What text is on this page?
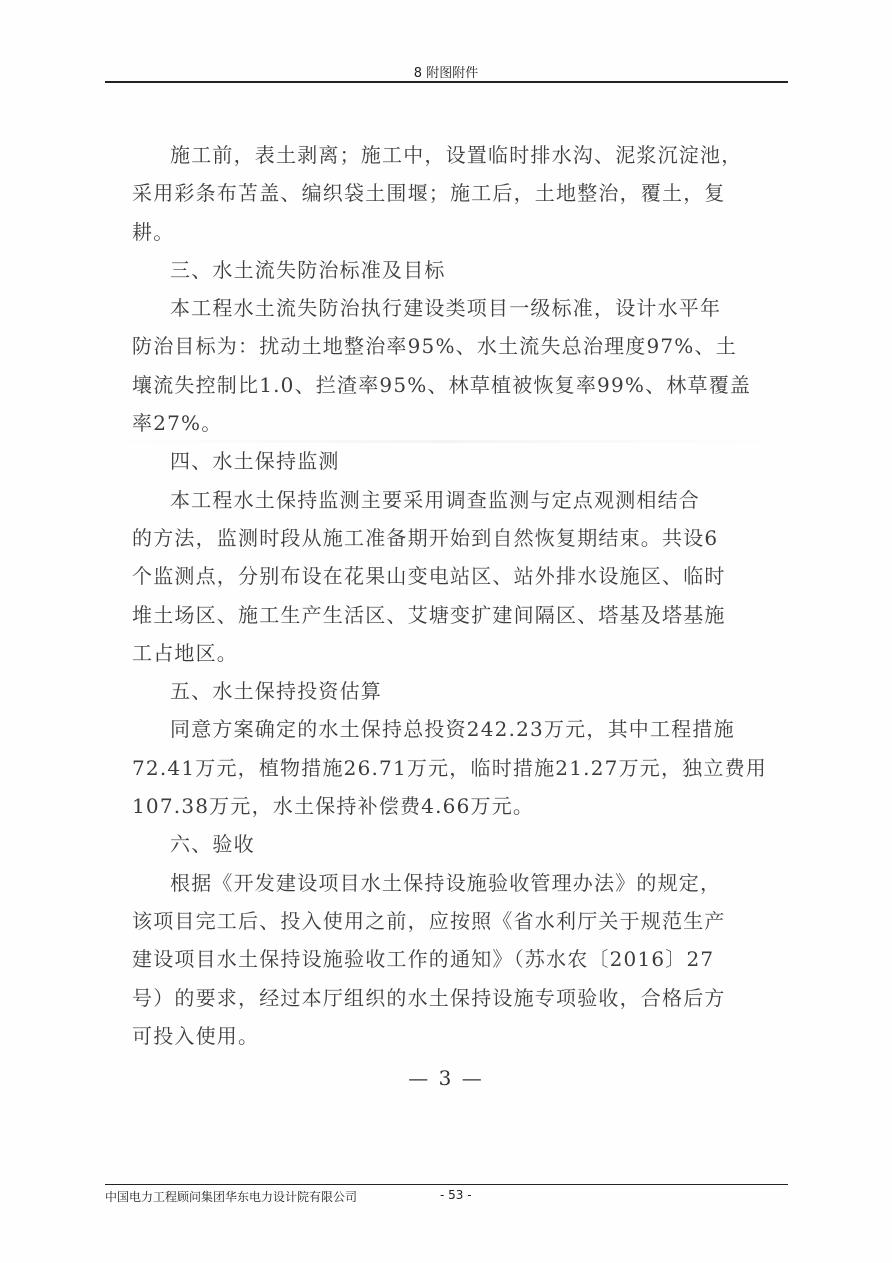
8 附图附件
施工前，表土剥离；施工中，设置临时排水沟、泥浆沉淀池，
采用彩条布苫盖、编织袋土围堰；施工后，土地整治，覆土，复
耕。
三、水土流失防治标准及目标
本工程水土流失防治执行建设类项目一级标准，设计水平年
防治目标为：扰动土地整治率95%、水土流失总治理度97%、土
壤流失控制比1.0、拦渣率95%、林草植被恢复率99%、林草覆盖
率27%。
四、水土保持监测
本工程水土保持监测主要采用调查监测与定点观测相结合
的方法，监测时段从施工准备期开始到自然恢复期结束。共设6
个监测点，分别布设在花果山变电站区、站外排水设施区、临时
堆土场区、施工生产生活区、艾塘变扩建间隔区、塔基及塔基施
工占地区。
五、水土保持投资估算
同意方案确定的水土保持总投资242.23万元，其中工程措施
72.41万元，植物措施26.71万元，临时措施21.27万元，独立费用
107.38万元，水土保持补偿费4.66万元。
六、验收
根据《开发建设项目水土保持设施验收管理办法》的规定，
该项目完工后、投入使用之前，应按照《省水利厅关于规范生产
建设项目水土保持设施验收工作的通知》（苏水农〔2016〕27
号）的要求，经过本厅组织的水土保持设施专项验收，合格后方
可投入使用。
— 3 —
中国电力工程顾问集团华东电力设计院有限公司	- 53 -
